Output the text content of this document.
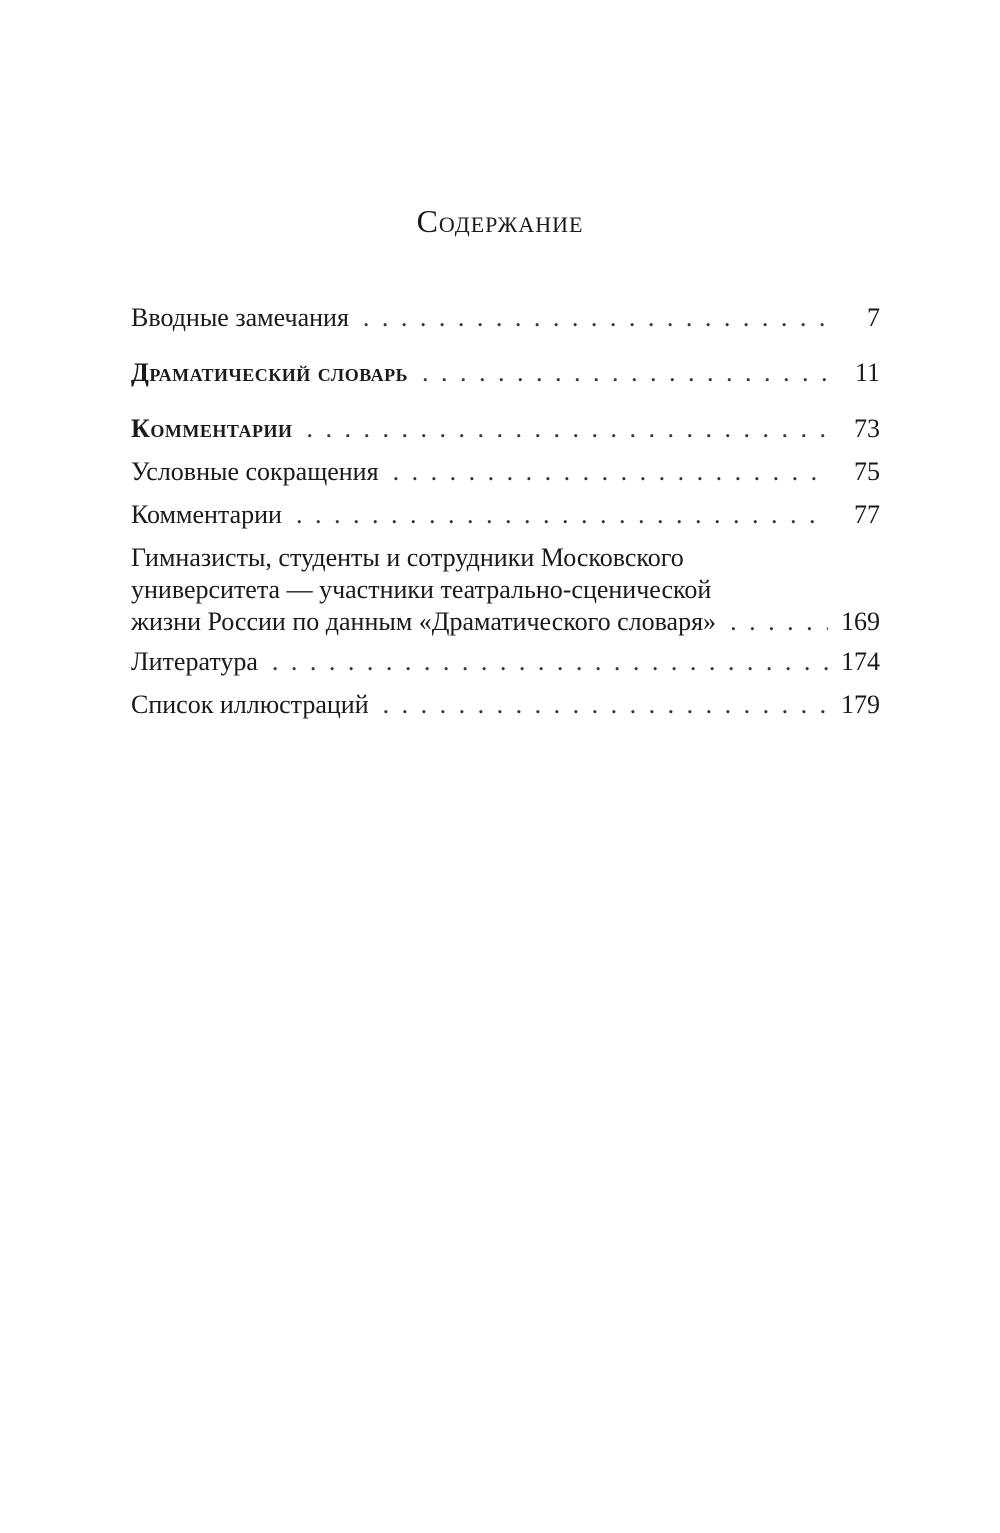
Содержание
Вводные замечания . . .	7
Драматический словарь . . .	11
Комментарии . . .	73
Условные сокращения . . .	75
Комментарии . . .	77
Гимназисты, студенты и сотрудники Московского
университета — участники театрально-сценической
жизни России по данным «Драматического словаря» . . .	169
Литература . . .	174
Список иллюстраций . . .	179
